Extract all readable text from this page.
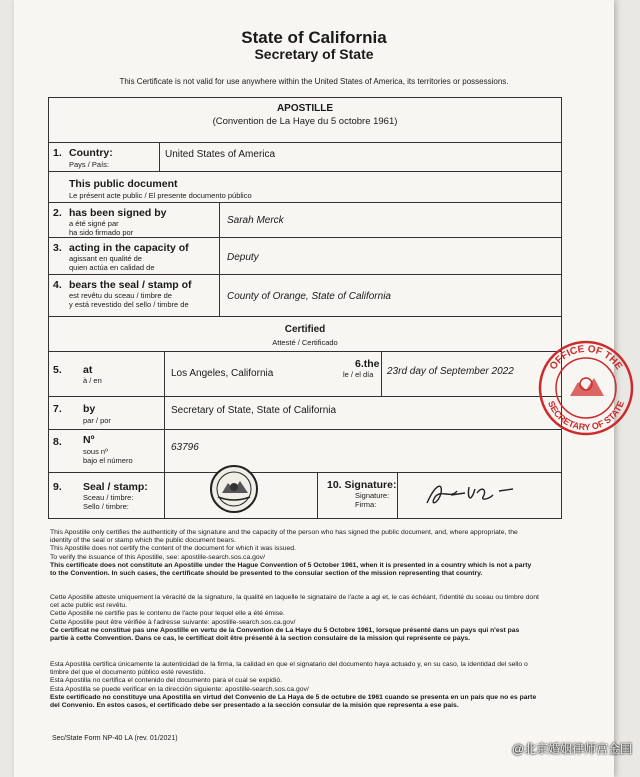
State of California
Secretary of State
This Certificate is not valid for use anywhere within the United States of America, its territories or possessions.
APOSTILLE
(Convention de La Haye du 5 octobre 1961)
1. Country:
Pays / País:
United States of America
This public document
Le présent acte public / El presente documento público
2. has been signed by
a été signé par
ha sido firmado por
Sarah Merck
3. acting in the capacity of
agissant en qualité de
quien actúa en calidad de
Deputy
4. bears the seal / stamp of
est revêtu du sceau / timbre de
y está revestido del sello / timbre de
County of Orange, State of California
Certified
Attesté / Certificado
5. at
à / en
Los Angeles, California
6.the
le / el día 23rd day of September 2022
7. by
par / por
Secretary of State, State of California
8. Nº
sous nº
bajo el número
63796
9. Seal / stamp:
Sceau / timbre:
Sello / timbre:
10. Signature:
Signature:
Firma:
This Apostille only certifies the authenticity of the signature and the capacity of the person who has signed the public document, and, where appropriate, the
identity of the seal or stamp which the public document bears.
This Apostille does not certify the content of the document for which it was issued.
To verify the issuance of this Apostille, see: apostille-search.sos.ca.gov/
This certificate does not constitute an Apostille under the Hague Convention of 5 October 1961, when it is presented in a country which is not a party
to the Convention. In such cases, the certificate should be presented to the consular section of the mission representing that country.
Cette Apostille atteste uniquement la véracité de la signature, la qualité en laquelle le signataire de l'acte a agi et, le cas échéant, l'identité du sceau ou timbre dont
cet acte public est revêtu.
Cette Apostille ne certifie pas le contenu de l'acte pour lequel elle a été émise.
Cette Apostille peut être vérifiée à l'adresse suivante: apostille-search.sos.ca.gov/
Ce certificat ne constitue pas une Apostille en vertu de la Convention de La Haye du 5 Octobre 1961, lorsque présenté dans un pays qui n'est pas
partie à cette Convention. Dans ce cas, le certificat doit être présenté à la section consulaire de la mission qui représente ce pays.
Esta Apostilla certifica únicamente la autenticidad de la firma, la calidad en que el signatario del documento haya actuado y, en su caso, la identidad del sello o
timbre del que el documento público esté revestido.
Esta Apostilla no certifica el contenido del documento para el cual se expidió.
Esta Apostilla se puede verificar en la dirección siguiente: apostille-search.sos.ca.gov/
Este certificado no constituye una Apostilla en virtud del Convenio de La Haya de 5 de octubre de 1961 cuando se presenta en un país que no es parte
del Convenio. En estos casos, el certificado debe ser presentado a la sección consular de la misión que representa a ese país.
Sec/State Form NP-40 LA (rev. 01/2021)
OFFICE OF THE
SECRETARY OF STATE
@北京婚姻律师宫金国
